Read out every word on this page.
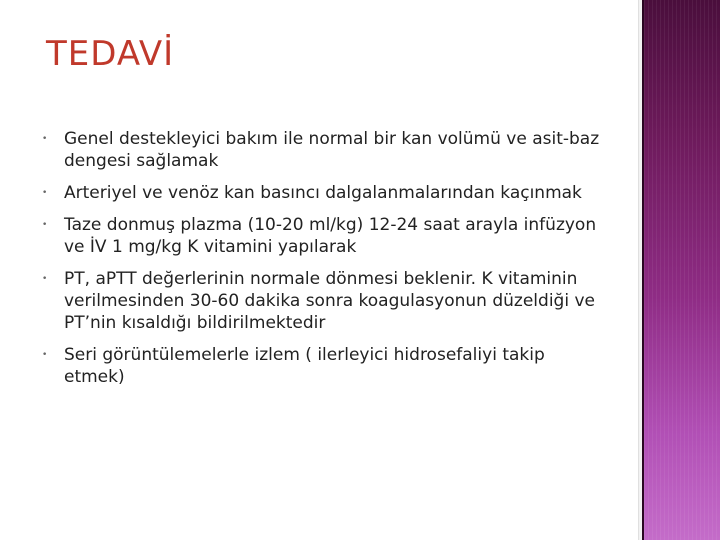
TEDAVİ
• Genel destekleyici bakım ile normal bir kan volümü ve asit-baz dengesi sağlamak
• Arteriyel ve venöz kan basıncı dalgalanmalarından kaçınmak
• Taze donmuş plazma (10-20 ml/kg) 12-24 saat arayla infüzyon ve İV 1 mg/kg K vitamini yapılarak
• PT, aPTT değerlerinin normale dönmesi beklenir. K vitaminin verilmesinden 30-60 dakika sonra koagulasyonun düzeldiği ve PT’nin kısaldığı bildirilmektedir
• Seri görüntülemelerle izlem ( ilerleyici hidrosefaliyi takip etmek)
